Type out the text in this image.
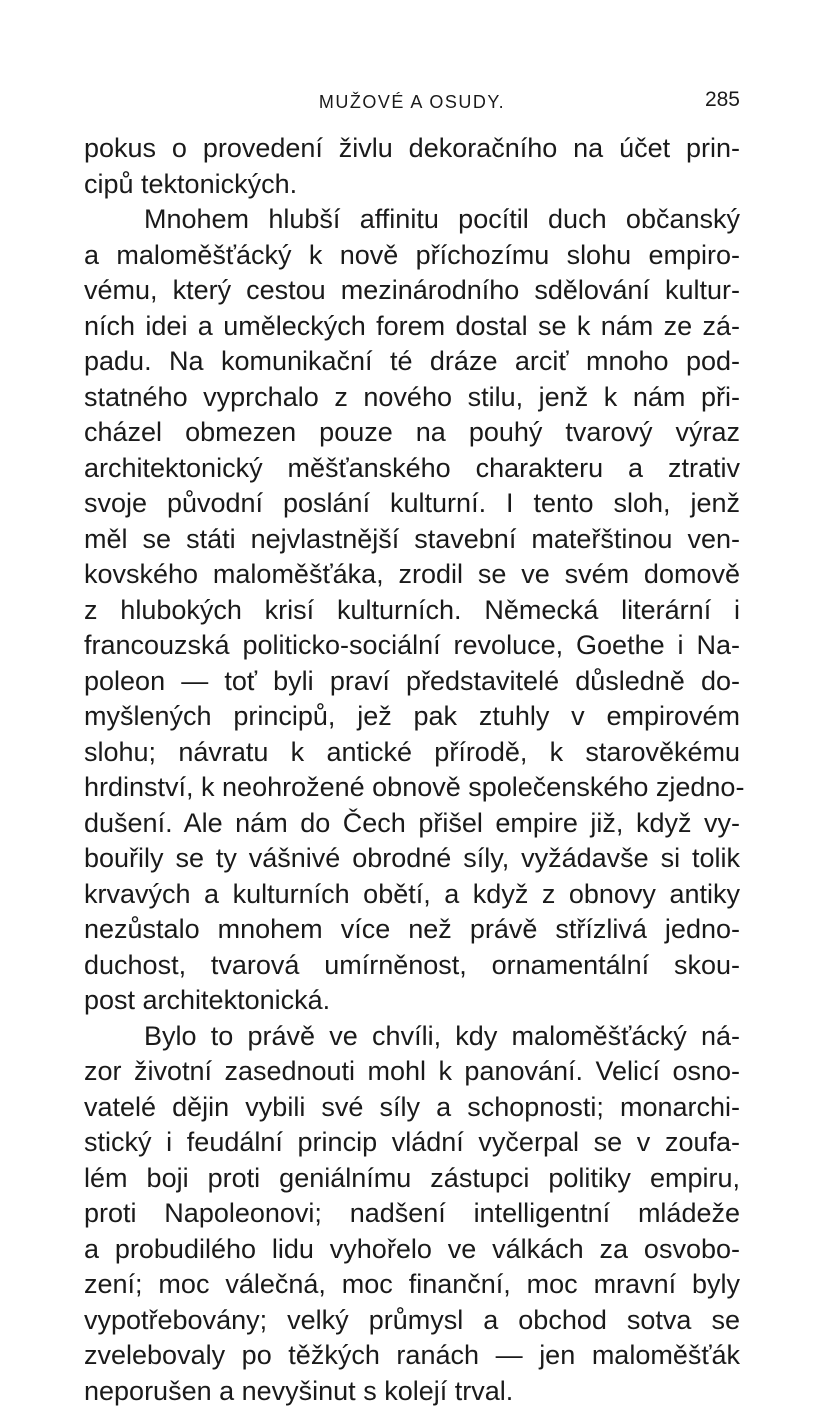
MUŽOVÉ A OSUDY.	285
pokus o provedení živlu dekoračního na účet prin-
cipů tektonických.
Mnohem hlubší affinitu pocítil duch občanský
a maloměšťácký k nově příchozímu slohu empiro-
vému, který cestou mezinárodního sdělování kultur-
ních idei a uměleckých forem dostal se k nám ze zá-
padu. Na komunikační té dráze arciť mnoho pod-
statného vyprchalo z nového stilu, jenž k nám při-
cházel obmezen pouze na pouhý tvarový výraz
architektonický měšťanského charakteru a ztrativ
svoje původní poslání kulturní. I tento sloh, jenž
měl se státi nejvlastnější stavební mateřštinou ven-
kovského maloměšťáka, zrodil se ve svém domově
z hlubokých krisí kulturních. Německá literární i
francouzská politicko-sociální revoluce, Goethe i Na-
poleon — toť byli praví představitelé důsledně do-
myšlených principů, jež pak ztuhly v empirovém
slohu; návratu k antické přírodě, k starověkému
hrdinství, k neohrožené obnově společenského zjedno-
dušení. Ale nám do Čech přišel empire již, když vy-
bouřily se ty vášnivé obrodné síly, vyžádavše si tolik
krvavých a kulturních obětí, a když z obnovy antiky
nezůstalo mnohem více než právě střízlivá jedno-
duchost, tvarová umírněnost, ornamentální skou-
post architektonická.
Bylo to právě ve chvíli, kdy maloměšťácký ná-
zor životní zasednouti mohl k panování. Velicí osno-
vatelé dějin vybili své síly a schopnosti; monarchi-
stický i feudální princip vládní vyčerpal se v zoufa-
lém boji proti geniálnímu zástupci politiky empiru,
proti Napoleonovi; nadšení intelligentní mládeže
a probudilého lidu vyhořelo ve válkách za osvobo-
zení; moc válečná, moc finanční, moc mravní byly
vypotřebovány; velký průmysl a obchod sotva se
zvelebovaly po těžkých ranách — jen maloměšťák
neporušen a nevyšinut s kolejí trval.
